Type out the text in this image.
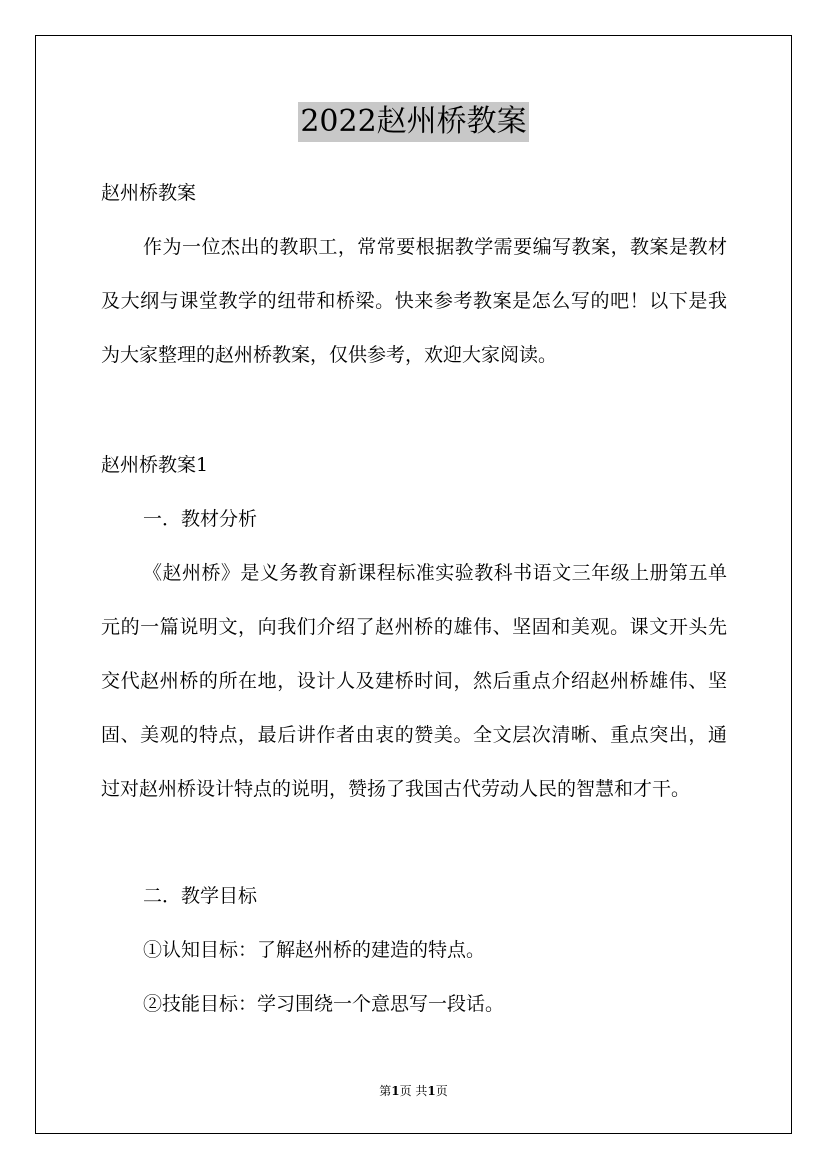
2022赵州桥教案
赵州桥教案
作为一位杰出的教职工，常常要根据教学需要编写教案，教案是教材及大纲与课堂教学的纽带和桥梁。快来参考教案是怎么写的吧！以下是我为大家整理的赵州桥教案，仅供参考，欢迎大家阅读。
赵州桥教案1
一．教材分析
《赵州桥》是义务教育新课程标准实验教科书语文三年级上册第五单元的一篇说明文，向我们介绍了赵州桥的雄伟、坚固和美观。课文开头先交代赵州桥的所在地，设计人及建桥时间，然后重点介绍赵州桥雄伟、坚固、美观的特点，最后讲作者由衷的赞美。全文层次清晰、重点突出，通过对赵州桥设计特点的说明，赞扬了我国古代劳动人民的智慧和才干。
二．教学目标
①认知目标：了解赵州桥的建造的特点。
②技能目标：学习围绕一个意思写一段话。
第1页 共1页
